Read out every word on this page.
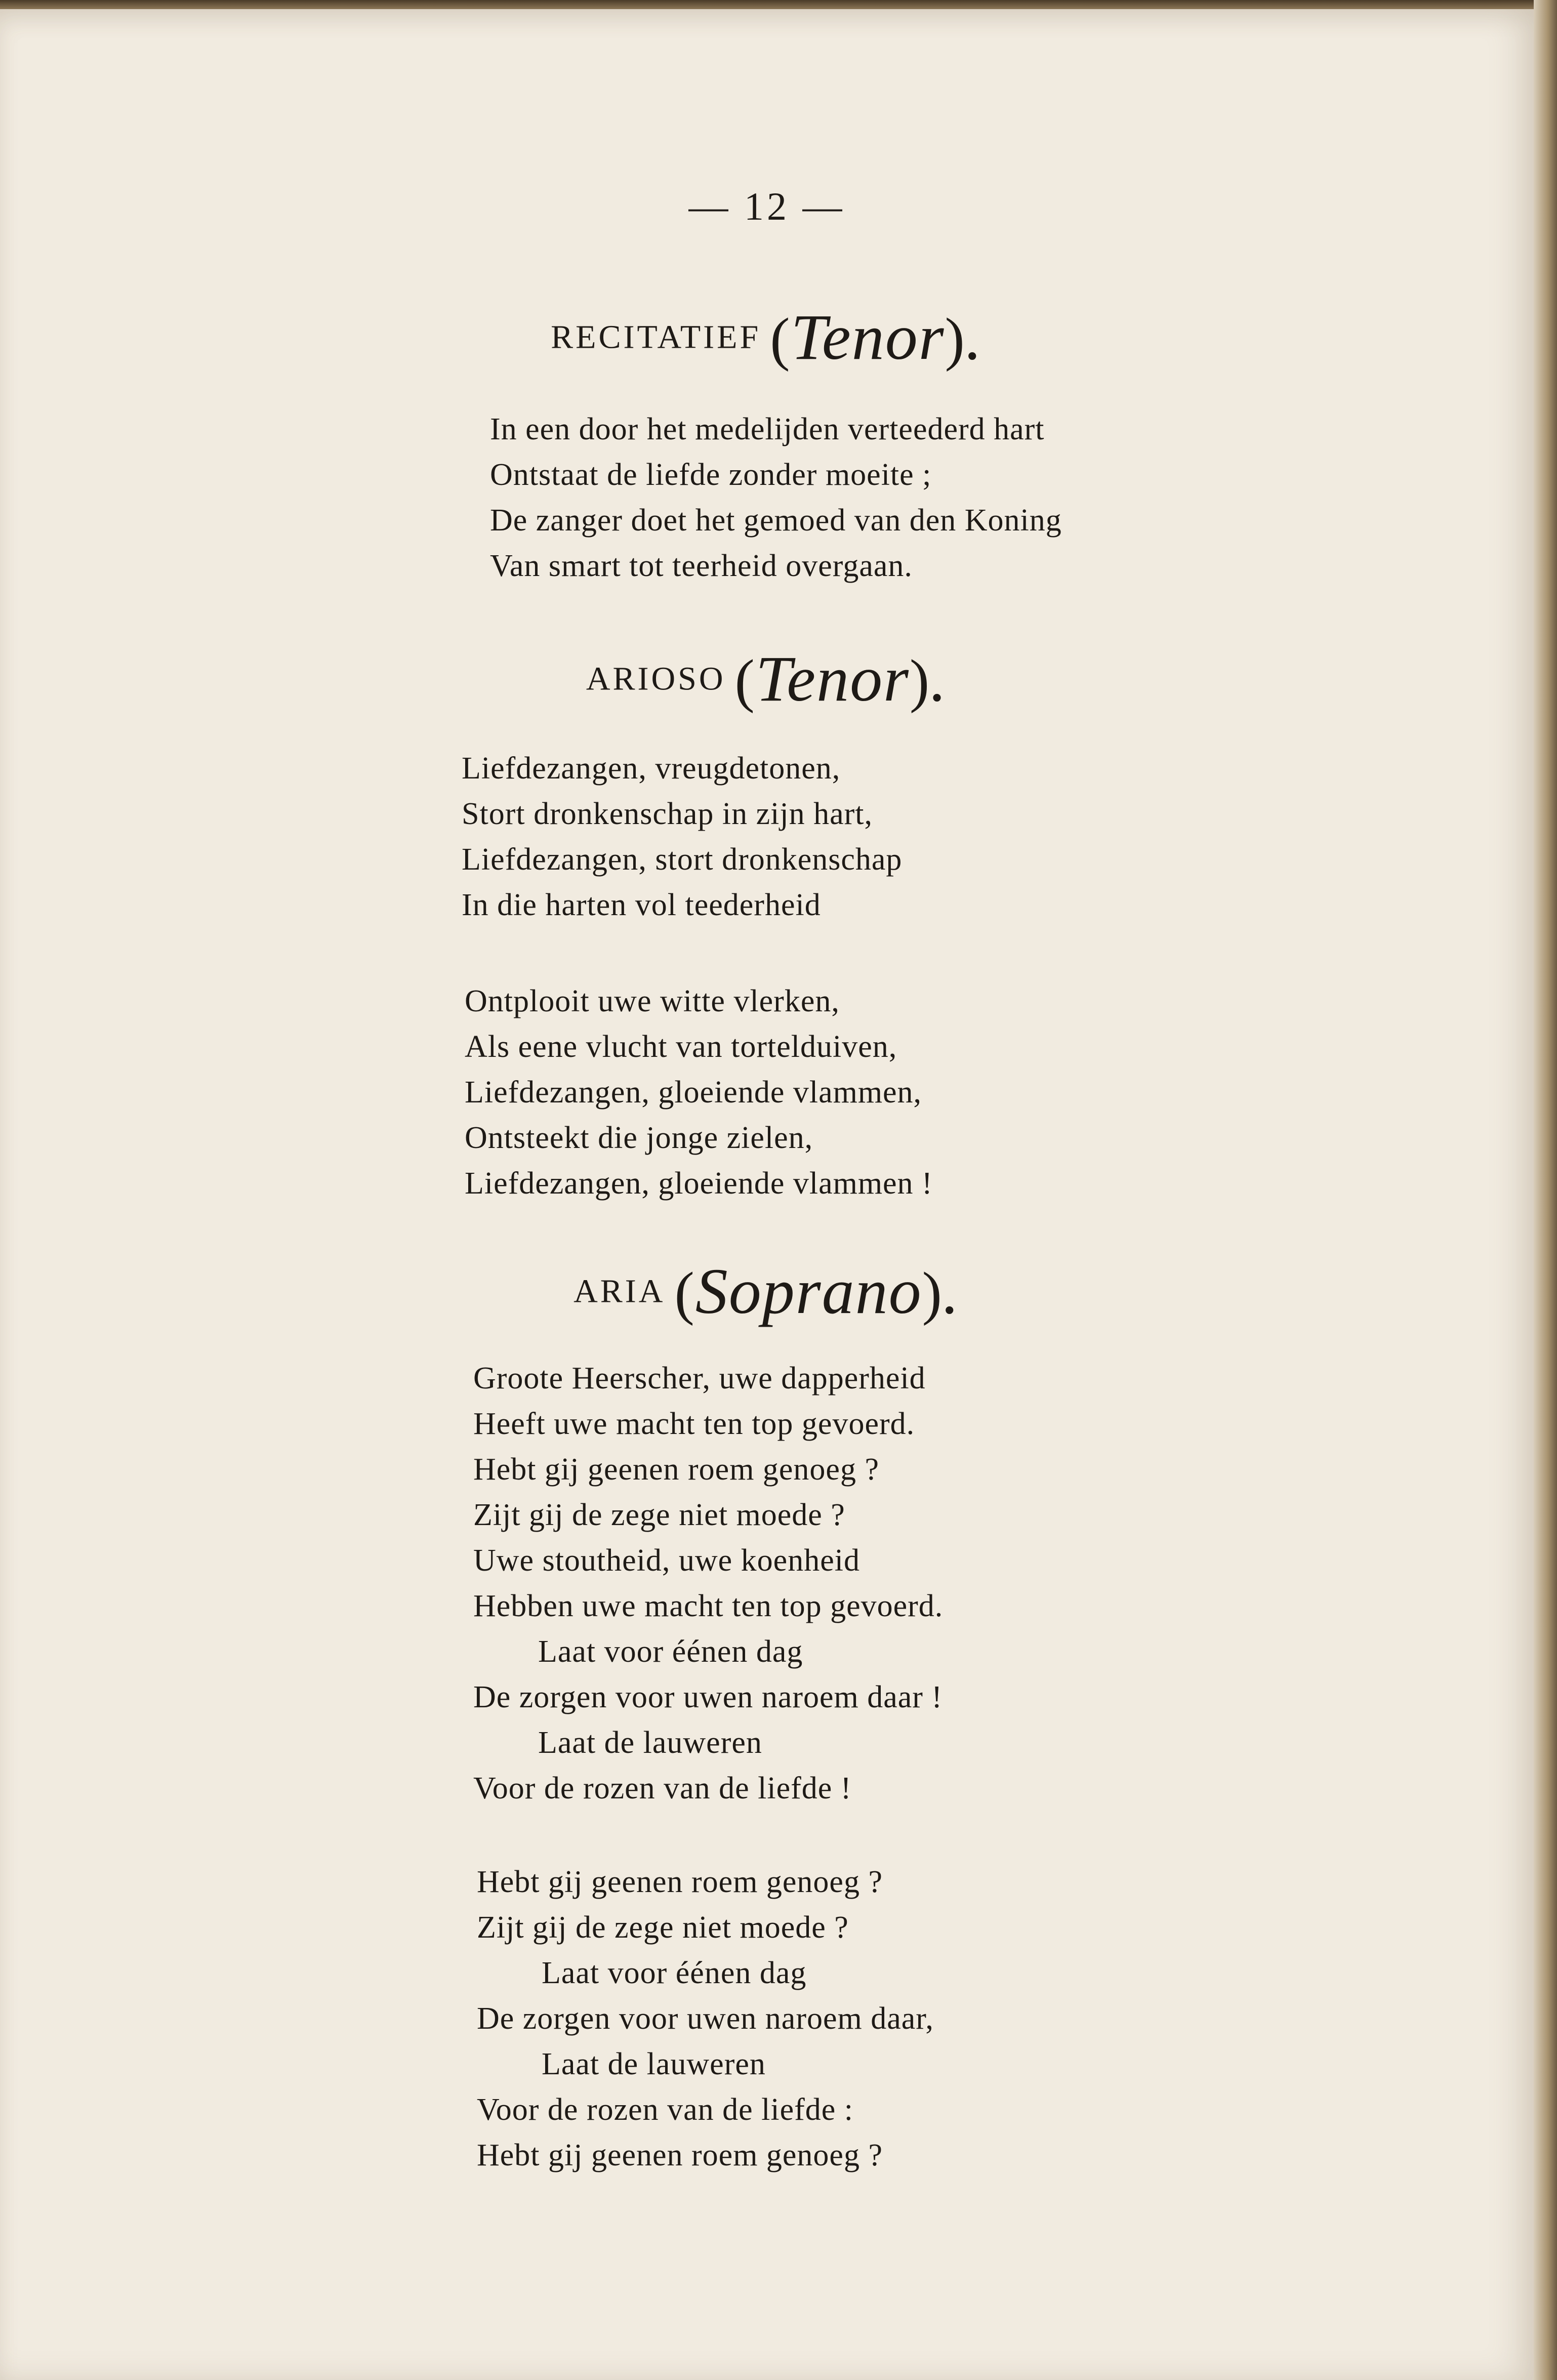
— 12 —
RECITATIEF (Tenor).
In een door het medelijden verteederd hart
Ontstaat de liefde zonder moeite ;
De zanger doet het gemoed van den Koning
Van smart tot teerheid overgaan.
ARIOSO (Tenor).
Liefdezangen, vreugdetonen,
Stort dronkenschap in zijn hart,
Liefdezangen, stort dronkenschap
In die harten vol teederheid
Ontplooit uwe witte vlerken,
Als eene vlucht van tortelduiven,
Liefdezangen, gloeiende vlammen,
Ontsteekt die jonge zielen,
Liefdezangen, gloeiende vlammen !
ARIA (Soprano).
Groote Heerscher, uwe dapperheid
Heeft uwe macht ten top gevoerd.
Hebt gij geenen roem genoeg ?
Zijt gij de zege niet moede ?
Uwe stoutheid, uwe koenheid
Hebben uwe macht ten top gevoerd.
Laat voor éénen dag
De zorgen voor uwen naroem daar !
Laat de lauweren
Voor de rozen van de liefde !
Hebt gij geenen roem genoeg ?
Zijt gij de zege niet moede ?
Laat voor éénen dag
De zorgen voor uwen naroem daar,
Laat de lauweren
Voor de rozen van de liefde :
Hebt gij geenen roem genoeg ?
